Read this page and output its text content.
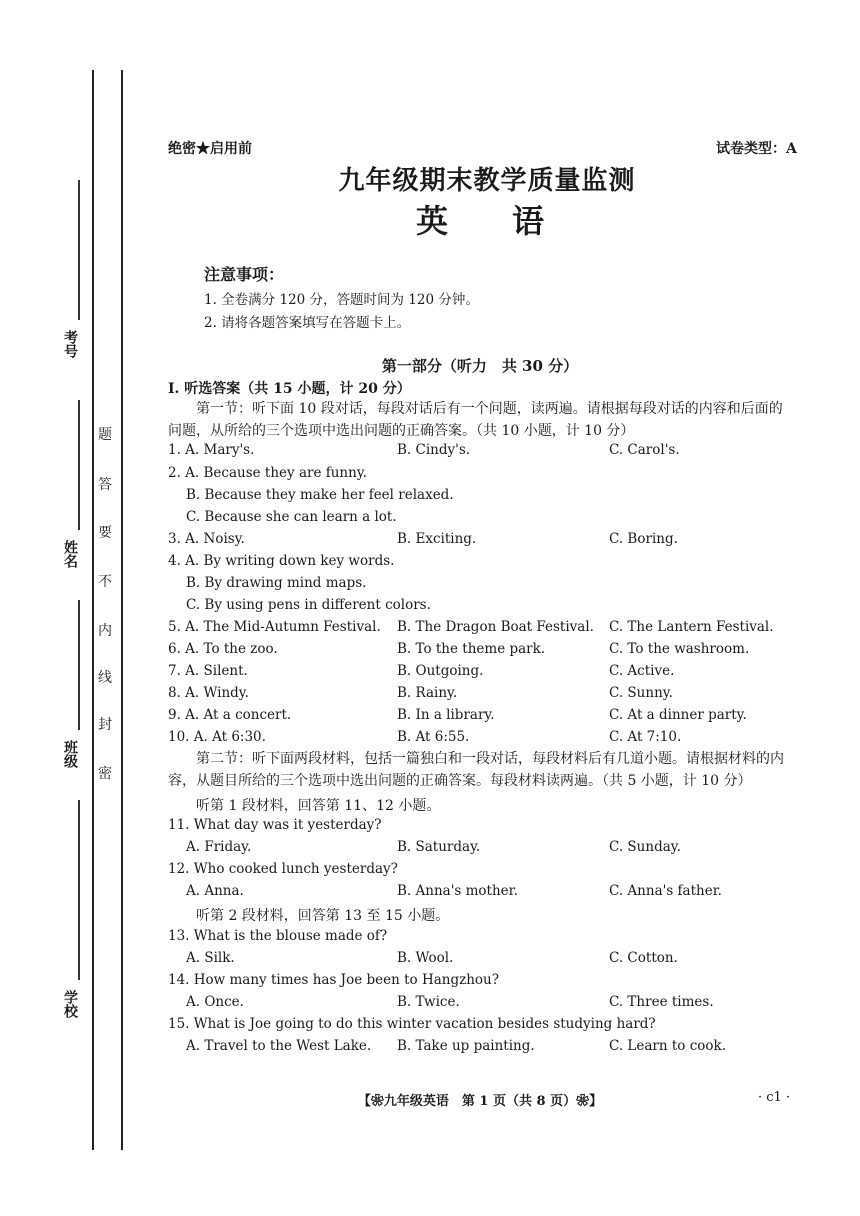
考号
姓名
班级
学校
题
答
要
不
内
线
封
密
绝密★启用前	试卷类型：A
九年级期末教学质量监测
英　　语
注意事项：
1. 全卷满分 120 分，答题时间为 120 分钟。
2. 请将各题答案填写在答题卡上。
第一部分（听力　共 30 分）
Ⅰ. 听选答案（共 15 小题，计 20 分）
第一节：听下面 10 段对话，每段对话后有一个问题，读两遍。请根据每段对话的内容和后面的问题，从所给的三个选项中选出问题的正确答案。（共 10 小题，计 10 分）
1. A. Mary's.	B. Cindy's.	C. Carol's.
2. A. Because they are funny.
B. Because they make her feel relaxed.
C. Because she can learn a lot.
3. A. Noisy.	B. Exciting.	C. Boring.
4. A. By writing down key words.
B. By drawing mind maps.
C. By using pens in different colors.
5. A. The Mid-Autumn Festival. B. The Dragon Boat Festival. C. The Lantern Festival.
6. A. To the zoo.	B. To the theme park.	C. To the washroom.
7. A. Silent.	B. Outgoing.	C. Active.
8. A. Windy.	B. Rainy.	C. Sunny.
9. A. At a concert.	B. In a library.	C. At a dinner party.
10. A. At 6:30.	B. At 6:55.	C. At 7:10.
第二节：听下面两段材料，包括一篇独白和一段对话，每段材料后有几道小题。请根据材料的内容，从题目所给的三个选项中选出问题的正确答案。每段材料读两遍。（共 5 小题，计 10 分）
听第 1 段材料，回答第 11、12 小题。
11. What day was it yesterday?
A. Friday.	B. Saturday.	C. Sunday.
12. Who cooked lunch yesterday?
A. Anna.	B. Anna's mother.	C. Anna's father.
听第 2 段材料，回答第 13 至 15 小题。
13. What is the blouse made of?
A. Silk.	B. Wool.	C. Cotton.
14. How many times has Joe been to Hangzhou?
A. Once.	B. Twice.	C. Three times.
15. What is Joe going to do this winter vacation besides studying hard?
A. Travel to the West Lake. B. Take up painting.	C. Learn to cook.
【❀九年级英语　第 1 页（共 8 页）❀】	· c1 ·
